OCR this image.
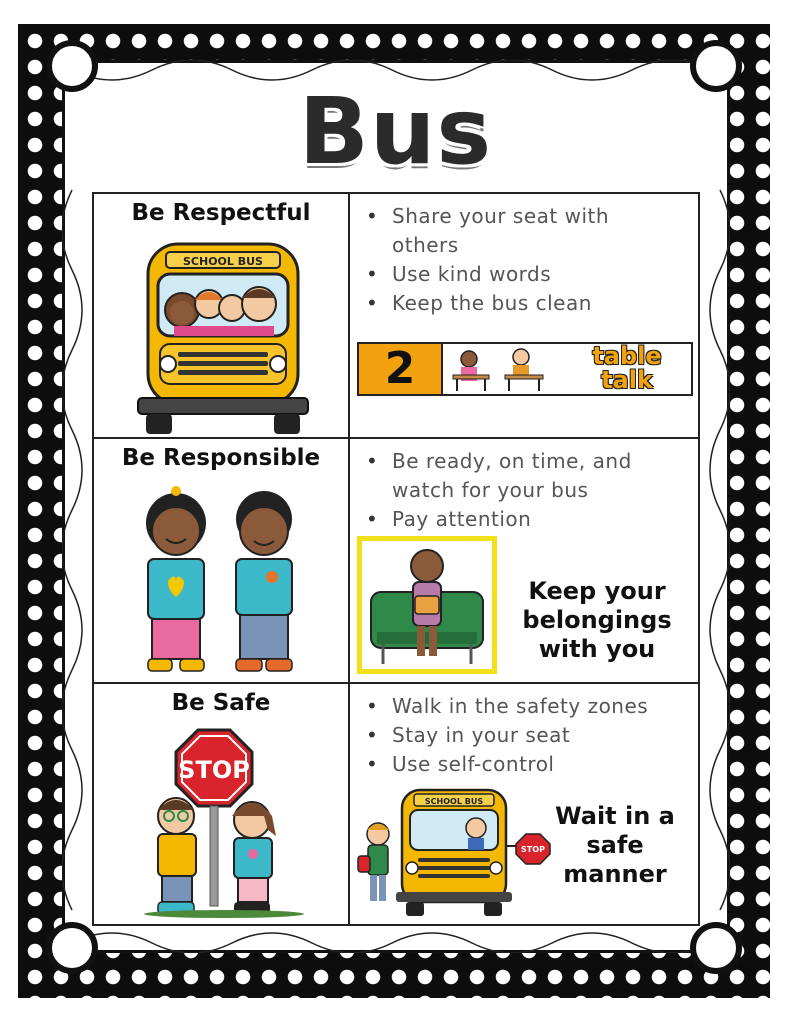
Bus
Be Respectful
SCHOOL BUS
• Share your seat with others
• Use kind words
• Keep the bus clean
2	table
talk
Be Responsible	• Be ready, on time, and watch for your bus
• Pay attention
Keep your
belongings
with you
Be Safe
STOP
• Walk in the safety zones
• Stay in your seat
• Use self-control
SCHOOL BUS
STOP
Wait in a
safe
manner
